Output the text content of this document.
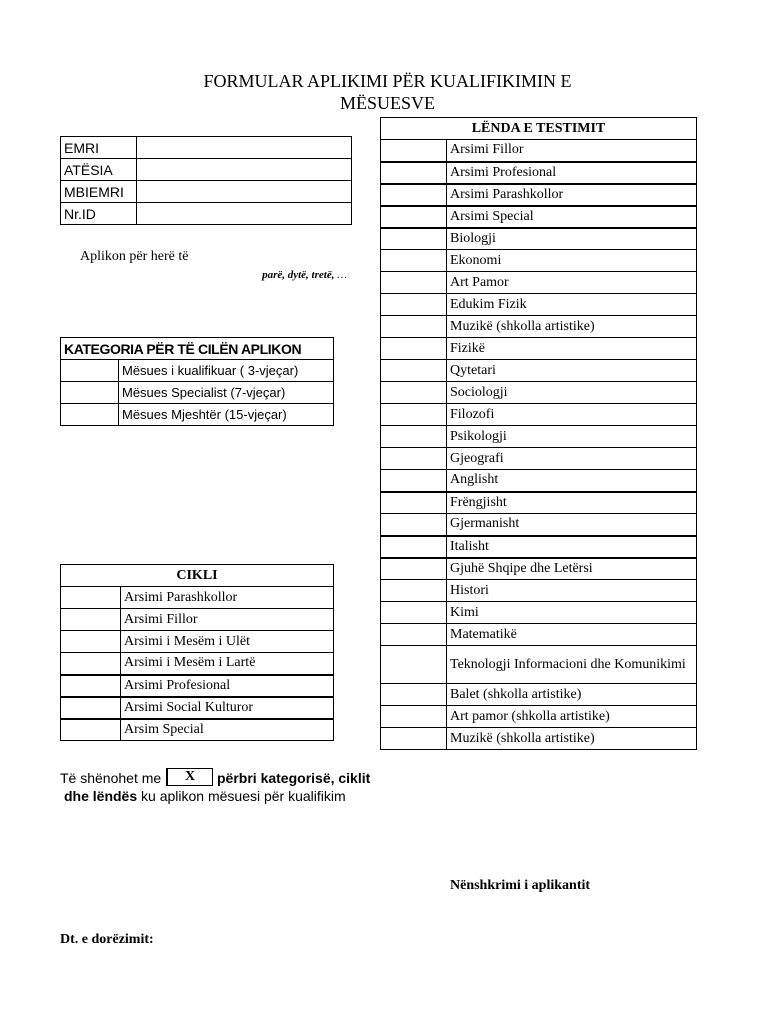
FORMULAR APLIKIMI PËR KUALIFIKIMIN E
MËSUESVE
EMRI	
ATËSIA	
MBIEMRI	
Nr.ID	
Aplikon për herë të
parë, dytë, tretë, …
KATEGORIA PËR TË CILËN APLIKON	
	Mësues i kualifikuar ( 3-vjeçar)
	Mësues Specialist (7-vjeçar)
	Mësues Mjeshtër (15-vjeçar)
CIKLI	
	Arsimi Parashkollor
	Arsimi Fillor
	Arsimi i Mesëm i Ulët
	Arsimi i Mesëm i Lartë
	Arsimi Profesional
	Arsimi Social Kulturor
	Arsim Special
LËNDA E TESTIMIT	
	Arsimi Fillor
	Arsimi Profesional
	Arsimi Parashkollor
	Arsimi Special
	Biologji
	Ekonomi
	Art Pamor
	Edukim Fizik
	Muzikë (shkolla artistike)
	Fizikë
	Qytetari
	Sociologji
	Filozofi
	Psikologji
	Gjeografi
	Anglisht
	Frëngjisht
	Gjermanisht
	Italisht
	Gjuhë Shqipe dhe Letërsi
	Histori
	Kimi
	Matematikë
	Teknologji Informacioni dhe Komunikimi
	Balet (shkolla artistike)
	Art pamor (shkolla artistike)
	Muzikë (shkolla artistike)
Të shënohet me	X	përbri kategorisë, ciklit
dhe lëndës ku aplikon mësuesi për kualifikim
Nënshkrimi i aplikantit
Dt. e dorëzimit:
